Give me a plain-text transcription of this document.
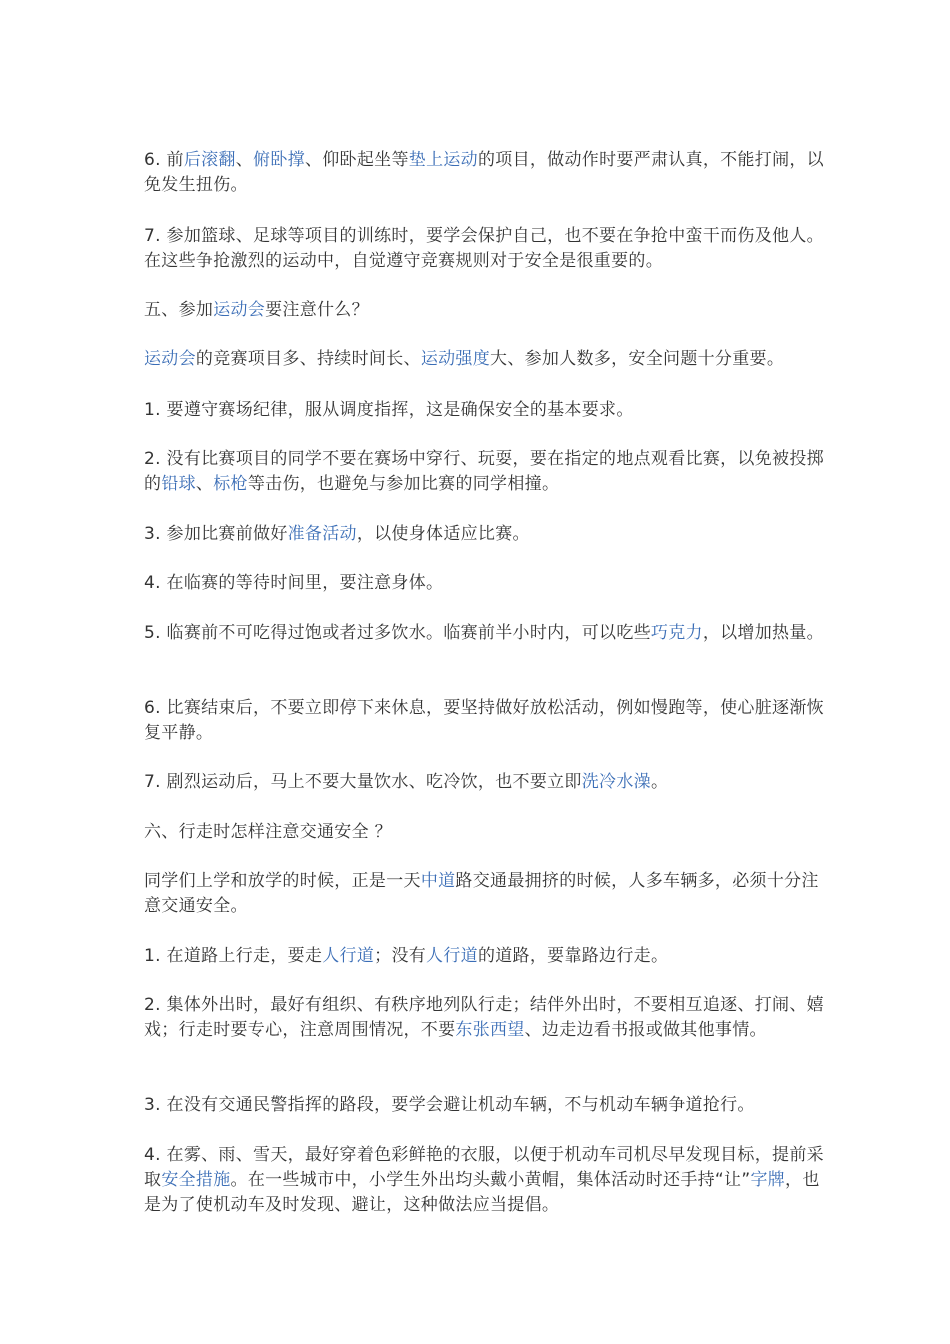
6. 前后滚翻、俯卧撑、仰卧起坐等垫上运动的项目，做动作时要严肃认真，不能打闹，以免发生扭伤。

7. 参加篮球、足球等项目的训练时，要学会保护自己，也不要在争抢中蛮干而伤及他人。在这些争抢激烈的运动中，自觉遵守竞赛规则对于安全是很重要的。

五、参加运动会要注意什么？

运动会的竞赛项目多、持续时间长、运动强度大、参加人数多，安全问题十分重要。

1. 要遵守赛场纪律，服从调度指挥，这是确保安全的基本要求。

2. 没有比赛项目的同学不要在赛场中穿行、玩耍，要在指定的地点观看比赛，以免被投掷的铅球、标枪等击伤，也避免与参加比赛的同学相撞。

3. 参加比赛前做好准备活动，以使身体适应比赛。

4. 在临赛的等待时间里，要注意身体。

5. 临赛前不可吃得过饱或者过多饮水。临赛前半小时内，可以吃些巧克力，以增加热量。

6. 比赛结束后，不要立即停下来休息，要坚持做好放松活动，例如慢跑等，使心脏逐渐恢复平静。

7. 剧烈运动后，马上不要大量饮水、吃冷饮，也不要立即洗冷水澡。

六、行走时怎样注意交通安全 ？

同学们上学和放学的时候，正是一天中道路交通最拥挤的时候，人多车辆多，必须十分注意交通安全。

1. 在道路上行走，要走人行道；没有人行道的道路，要靠路边行走。

2. 集体外出时，最好有组织、有秩序地列队行走；结伴外出时，不要相互追逐、打闹、嬉戏；行走时要专心，注意周围情况，不要东张西望、边走边看书报或做其他事情。

3. 在没有交通民警指挥的路段，要学会避让机动车辆，不与机动车辆争道抢行。

4. 在雾、雨、雪天，最好穿着色彩鲜艳的衣服，以便于机动车司机尽早发现目标，提前采取安全措施。在一些城市中，小学生外出均头戴小黄帽，集体活动时还手持“让”字牌，也是为了使机动车及时发现、避让，这种做法应当提倡。
